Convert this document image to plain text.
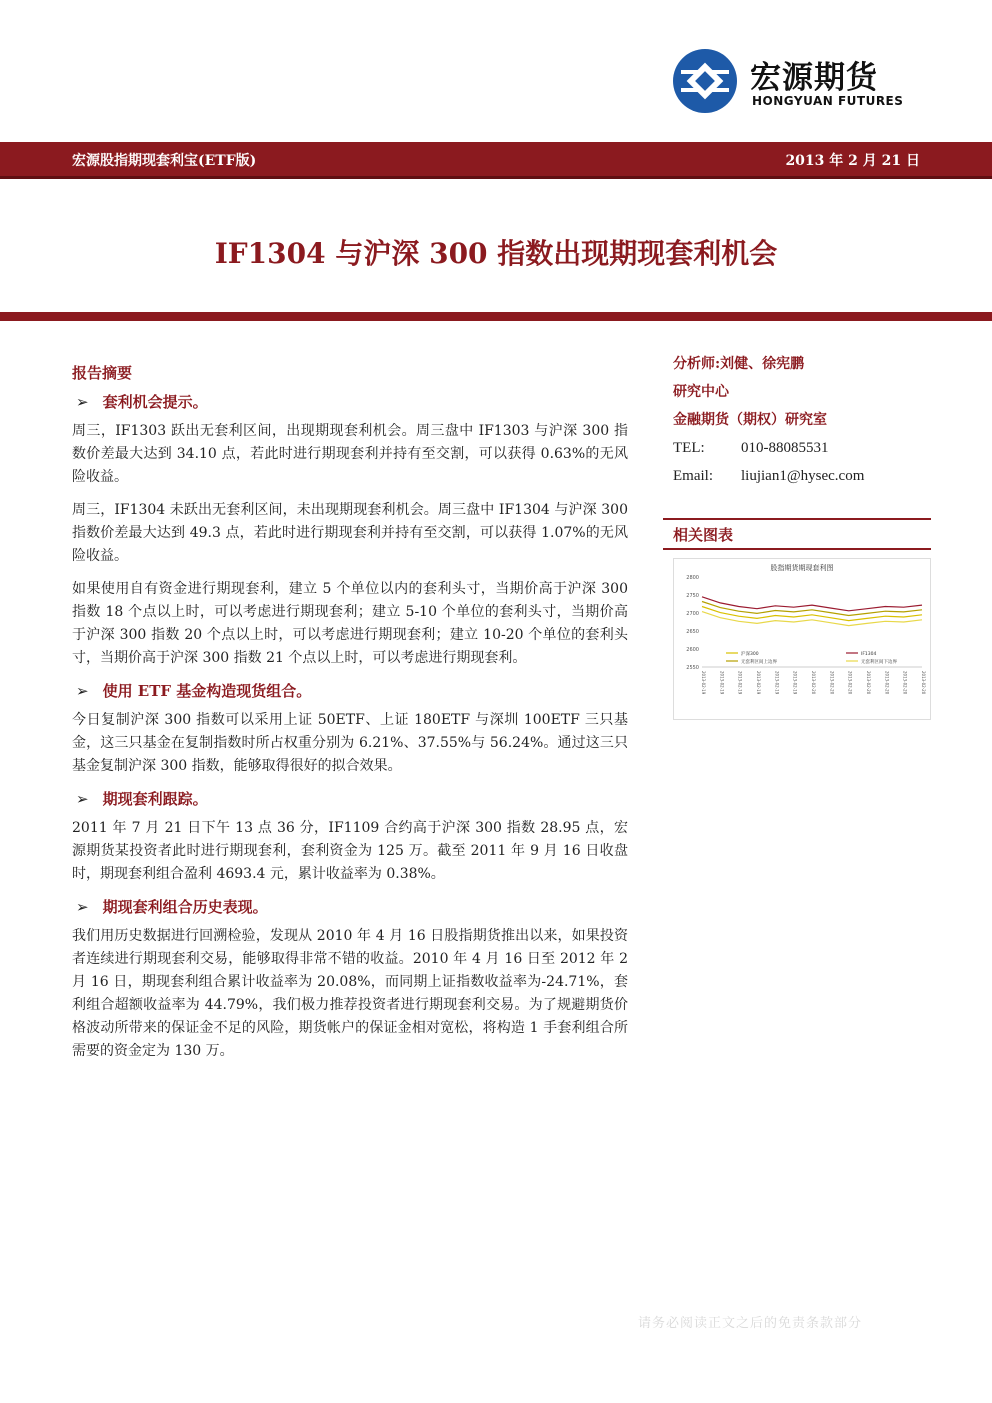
宏源期货
HONGYUAN FUTURES
宏源股指期现套利宝(ETF版)	2013 年 2 月 21 日
IF1304 与沪深 300 指数出现期现套利机会
报告摘要
➢ 套利机会提示。

周三，IF1303 跃出无套利区间，出现期现套利机会。周三盘中 IF1303 与沪深 300 指数价差最大达到 34.10 点，若此时进行期现套利并持有至交割，可以获得 0.63%的无风险收益。

周三，IF1304 未跃出无套利区间，未出现期现套利机会。周三盘中 IF1304 与沪深 300 指数价差最大达到 49.3 点，若此时进行期现套利并持有至交割，可以获得 1.07%的无风险收益。

如果使用自有资金进行期现套利，建立 5 个单位以内的套利头寸，当期价高于沪深 300 指数 18 个点以上时，可以考虑进行期现套利；建立 5-10 个单位的套利头寸，当期价高于沪深 300 指数 20 个点以上时，可以考虑进行期现套利；建立 10-20 个单位的套利头寸，当期价高于沪深 300 指数 21 个点以上时，可以考虑进行期现套利。

➢ 使用 ETF 基金构造现货组合。

今日复制沪深 300 指数可以采用上证 50ETF、上证 180ETF 与深圳 100ETF 三只基金，这三只基金在复制指数时所占权重分别为 6.21%、37.55%与 56.24%。通过这三只基金复制沪深 300 指数，能够取得很好的拟合效果。

➢ 期现套利跟踪。

2011 年 7 月 21 日下午 13 点 36 分，IF1109 合约高于沪深 300 指数 28.95 点，宏源期货某投资者此时进行期现套利，套利资金为 125 万。截至 2011 年 9 月 16 日收盘时，期现套利组合盈利 4693.4 元，累计收益率为 0.38%。

➢ 期现套利组合历史表现。

我们用历史数据进行回溯检验，发现从 2010 年 4 月 16 日股指期货推出以来，如果投资者连续进行期现套利交易，能够取得非常不错的收益。2010 年 4 月 16 日至 2012 年 2 月 16 日，期现套利组合累计收益率为 20.08%，而同期上证指数收益率为-24.71%，套利组合超额收益率为 44.79%，我们极力推荐投资者进行期现套利交易。为了规避期货价格波动所带来的保证金不足的风险，期货帐户的保证金相对宽松，将构造 1 手套利组合所需要的资金定为 130 万。

分析师:刘健、徐宪鹏
研究中心
金融期货（期权）研究室
TEL:	010-88085531
Email:	liujian1@hysec.com
相关图表
股指期货期现套利图
2800
2750
2700
2650
2600
2550
沪深300	IF1304
无套利区间上边界	无套利区间下边界
2013-02-19	2013-02-19	2013-02-19	2013-02-19	2013-02-19	2013-02-19	2013-02-20	2013-02-20	2013-02-20	2013-02-20	2013-02-20	2013-02-20	2013-02-20
请务必阅读正文之后的免责条款部分
